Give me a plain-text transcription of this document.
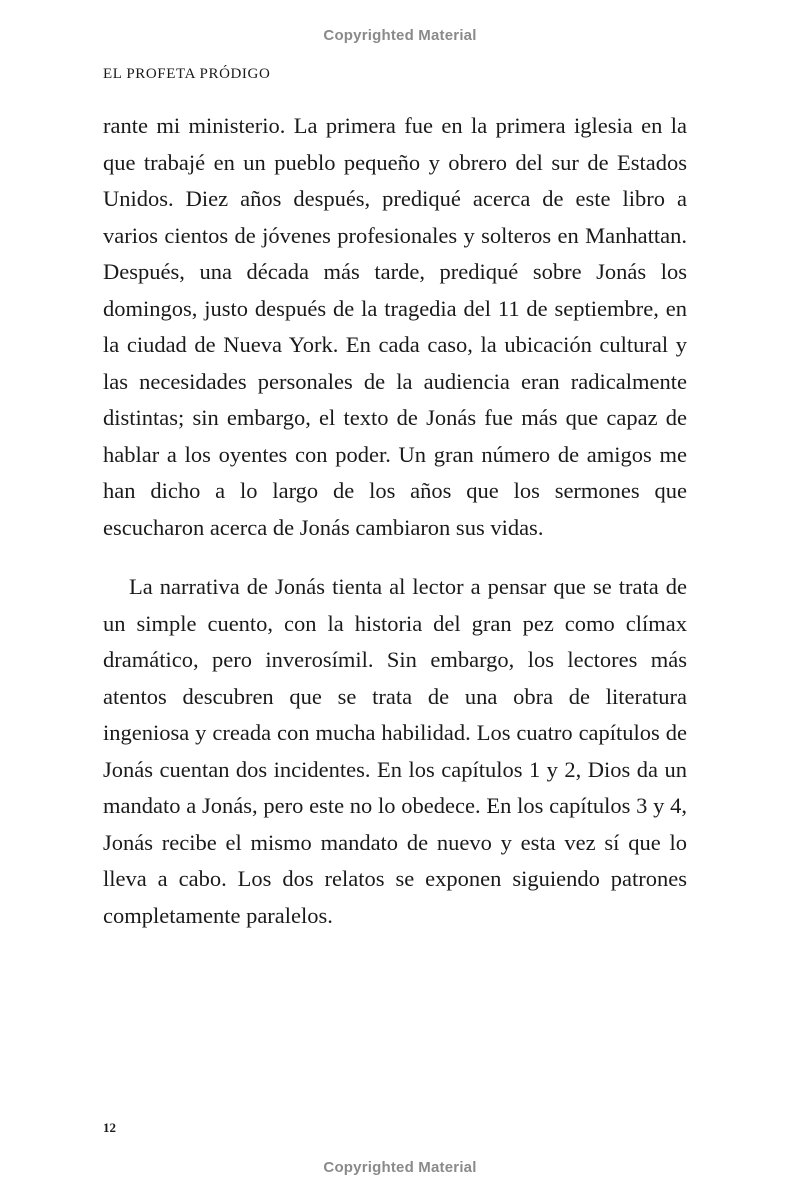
Copyrighted Material
EL PROFETA PRÓDIGO

rante mi ministerio. La primera fue en la primera iglesia en la que trabajé en un pueblo pequeño y obrero del sur de Estados Unidos. Diez años después, prediqué acerca de este libro a varios cientos de jóvenes profesionales y solteros en Manhattan. Después, una década más tarde, prediqué sobre Jonás los domingos, justo después de la tragedia del 11 de septiembre, en la ciudad de Nueva York. En cada caso, la ubicación cultural y las necesidades personales de la audiencia eran radicalmente distintas; sin embargo, el texto de Jonás fue más que capaz de hablar a los oyentes con poder. Un gran número de amigos me han dicho a lo largo de los años que los sermones que escucharon acerca de Jonás cambiaron sus vidas.

La narrativa de Jonás tienta al lector a pensar que se trata de un simple cuento, con la historia del gran pez como clímax dramático, pero inverosímil. Sin embargo, los lectores más atentos descubren que se trata de una obra de literatura ingeniosa y creada con mucha habilidad. Los cuatro capítulos de Jonás cuentan dos incidentes. En los capítulos 1 y 2, Dios da un mandato a Jonás, pero este no lo obedece. En los capítulos 3 y 4, Jonás recibe el mismo mandato de nuevo y esta vez sí que lo lleva a cabo. Los dos relatos se exponen siguiendo patrones completamente paralelos.

12
Copyrighted Material
